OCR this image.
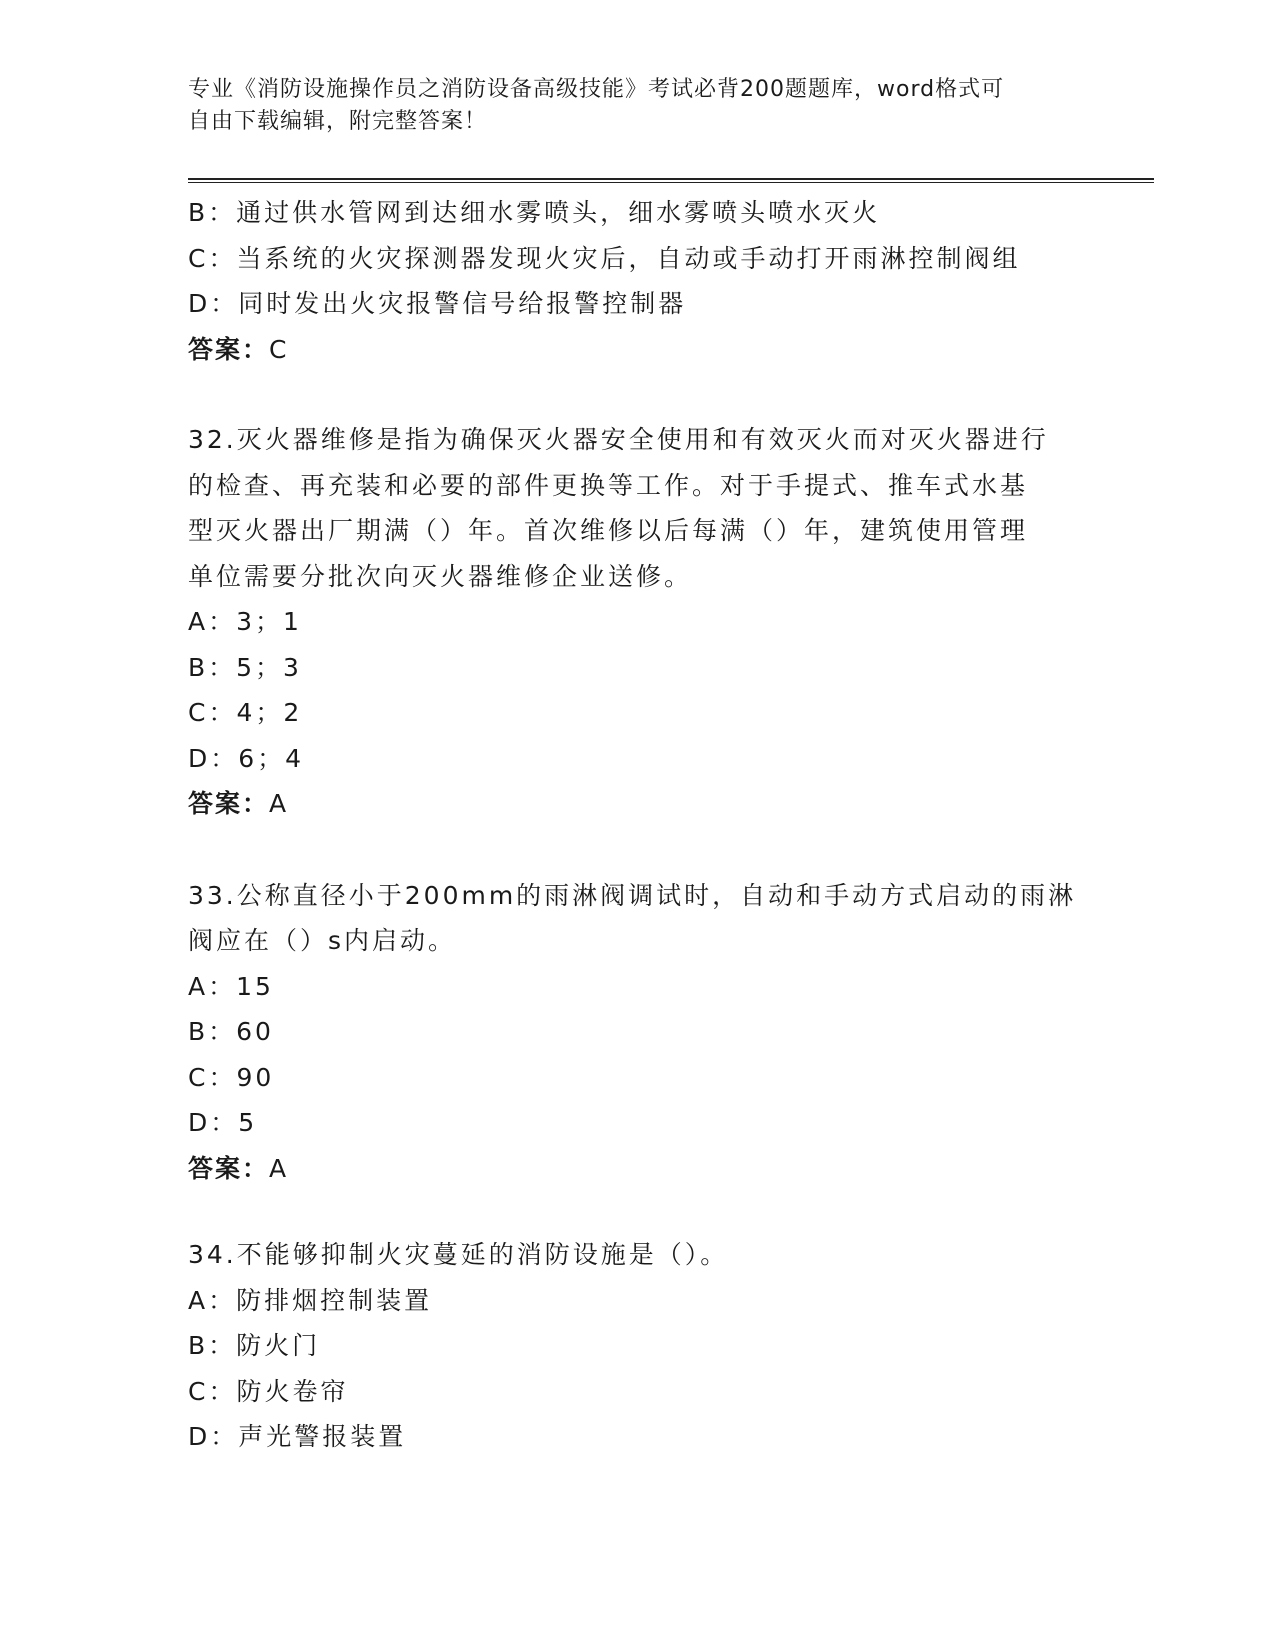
专业《消防设施操作员之消防设备高级技能》考试必背200题题库，word格式可
自由下载编辑，附完整答案！
B：通过供水管网到达细水雾喷头，细水雾喷头喷水灭火
C：当系统的火灾探测器发现火灾后，自动或手动打开雨淋控制阀组
D：同时发出火灾报警信号给报警控制器
答案：C
32.灭火器维修是指为确保灭火器安全使用和有效灭火而对灭火器进行
的检查、再充装和必要的部件更换等工作。对于手提式、推车式水基
型灭火器出厂期满（）年。首次维修以后每满（）年，建筑使用管理
单位需要分批次向灭火器维修企业送修。
A：3；1
B：5；3
C：4；2
D：6；4
答案：A
33.公称直径小于200mm的雨淋阀调试时，自动和手动方式启动的雨淋
阀应在（）s内启动。
A：15
B：60
C：90
D：5
答案：A
34.不能够抑制火灾蔓延的消防设施是（）。
A：防排烟控制装置
B：防火门
C：防火卷帘
D：声光警报装置
